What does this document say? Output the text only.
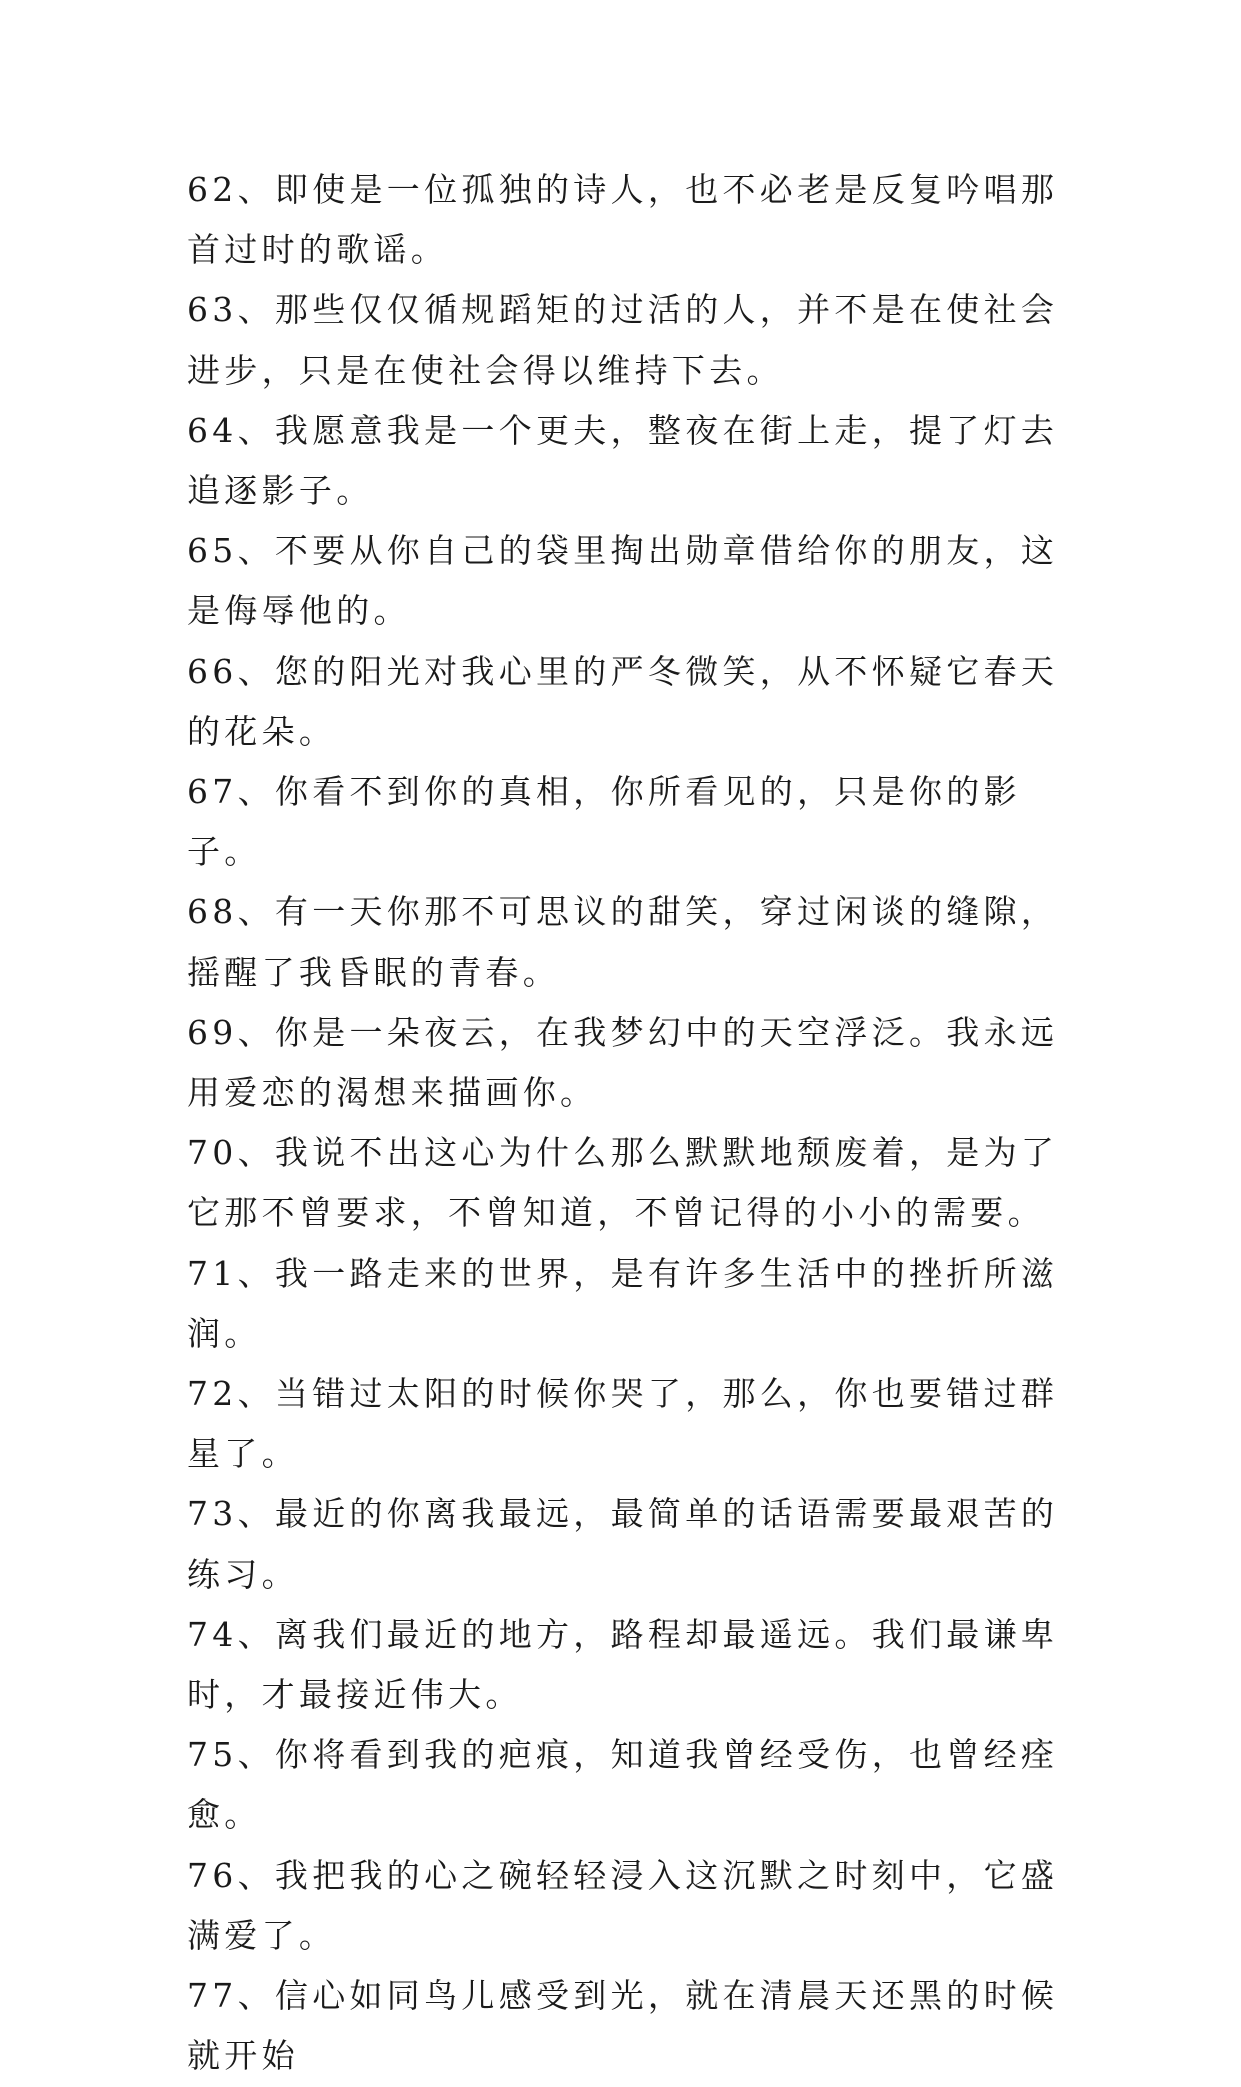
62、即使是一位孤独的诗人，也不必老是反复吟唱那首过时的歌谣。

63、那些仅仅循规蹈矩的过活的人，并不是在使社会进步，只是在使社会得以维持下去。

64、我愿意我是一个更夫，整夜在街上走，提了灯去追逐影子。

65、不要从你自己的袋里掏出勋章借给你的朋友，这是侮辱他的。

66、您的阳光对我心里的严冬微笑，从不怀疑它春天的花朵。

67、你看不到你的真相，你所看见的，只是你的影子。

68、有一天你那不可思议的甜笑，穿过闲谈的缝隙，摇醒了我昏眠的青春。

69、你是一朵夜云，在我梦幻中的天空浮泛。我永远用爱恋的渴想来描画你。

70、我说不出这心为什么那么默默地颓废着，是为了它那不曾要求，不曾知道，不曾记得的小小的需要。

71、我一路走来的世界，是有许多生活中的挫折所滋润。

72、当错过太阳的时候你哭了，那么，你也要错过群星了。

73、最近的你离我最远，最简单的话语需要最艰苦的练习。

74、离我们最近的地方，路程却最遥远。我们最谦卑时，才最接近伟大。

75、你将看到我的疤痕，知道我曾经受伤，也曾经痊愈。

76、我把我的心之碗轻轻浸入这沉默之时刻中，它盛满爱了。

77、信心如同鸟儿感受到光，就在清晨天还黑的时候就开始
